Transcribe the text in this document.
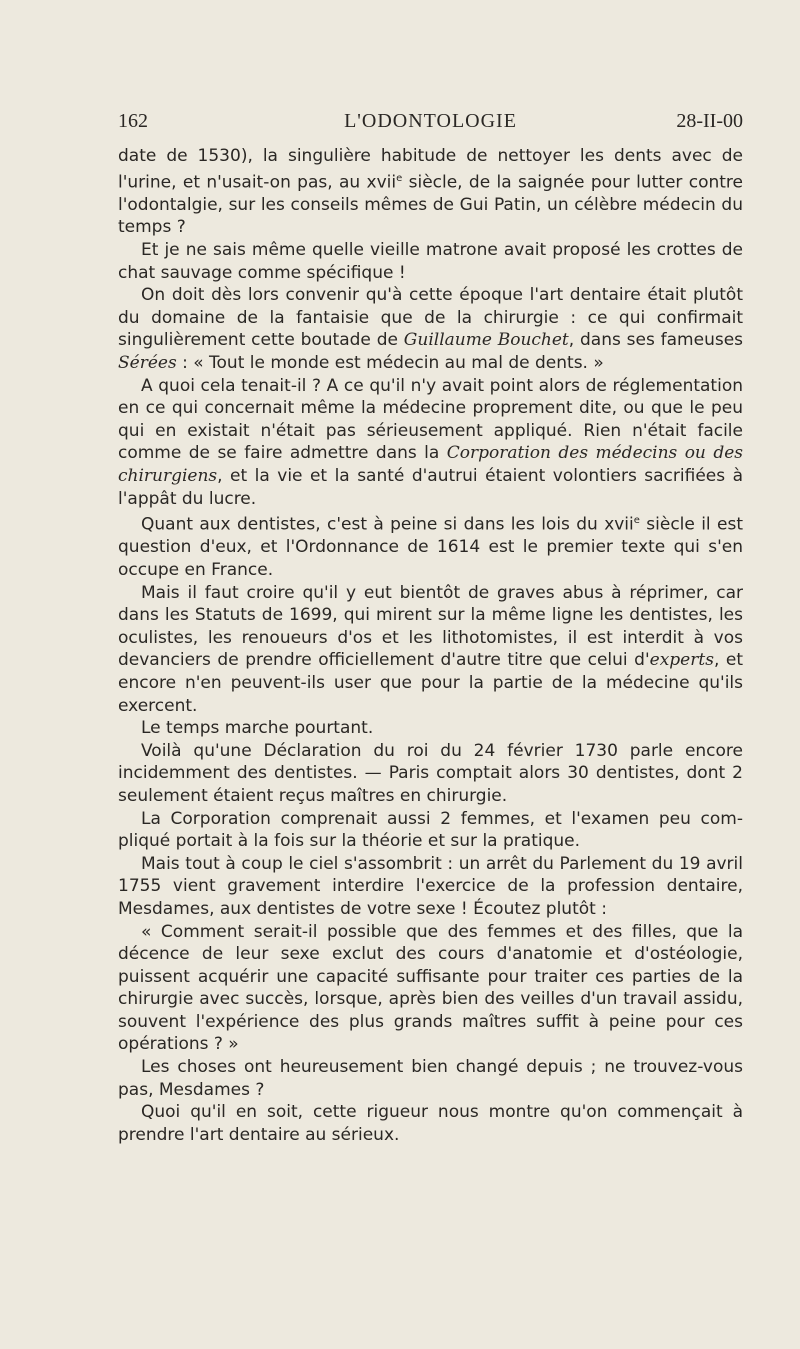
162	L'ODONTOLOGIE	28-II-00

date de 1530), la singulière habitude de nettoyer les dents avec de l'urine, et n'usait-on pas, au xvii$^e$ siècle, de la saignée pour lutter contre l'odontalgie, sur les conseils mêmes de Gui Patin, un célèbre médecin du temps ?

Et je ne sais même quelle vieille matrone avait proposé les crottes de chat sauvage comme spécifique !

On doit dès lors convenir qu'à cette époque l'art dentaire était plutôt du domaine de la fantaisie que de la chirurgie : ce qui confirmait singulièrement cette boutade de Guillaume Bouchet, dans ses fameuses Sérées : « Tout le monde est médecin au mal de dents. »

A quoi cela tenait-il ? A ce qu'il n'y avait point alors de réglementation en ce qui concernait même la médecine proprement dite, ou que le peu qui en existait n'était pas sérieusement appliqué. Rien n'était facile comme de se faire admettre dans la Corporation des médecins ou des chirurgiens, et la vie et la santé d'autrui étaient volontiers sacrifiées à l'appât du lucre.

Quant aux dentistes, c'est à peine si dans les lois du xvii$^e$ siècle il est question d'eux, et l'Ordonnance de 1614 est le premier texte qui s'en occupe en France.

Mais il faut croire qu'il y eut bientôt de graves abus à réprimer, car dans les Statuts de 1699, qui mirent sur la même ligne les dentistes, les oculistes, les renoueurs d'os et les lithotomistes, il est interdit à vos devanciers de prendre officiellement d'autre titre que celui d'experts, et encore n'en peuvent-ils user que pour la partie de la médecine qu'ils exercent.

Le temps marche pourtant.

Voilà qu'une Déclaration du roi du 24 février 1730 parle encore incidemment des dentistes. — Paris comptait alors 30 dentistes, dont 2 seulement étaient reçus maîtres en chirurgie.

La Corporation comprenait aussi 2 femmes, et l'examen peu compliqué portait à la fois sur la théorie et sur la pratique.

Mais tout à coup le ciel s'assombrit : un arrêt du Parlement du 19 avril 1755 vient gravement interdire l'exercice de la profession dentaire, Mesdames, aux dentistes de votre sexe ! Écoutez plutôt :

« Comment serait-il possible que des femmes et des filles, que la décence de leur sexe exclut des cours d'anatomie et d'ostéologie, puissent acquérir une capacité suffisante pour traiter ces parties de la chirurgie avec succès, lorsque, après bien des veilles d'un travail assidu, souvent l'expérience des plus grands maîtres suffit à peine pour ces opérations ? »

Les choses ont heureusement bien changé depuis ; ne trouvez-vous pas, Mesdames ?

Quoi qu'il en soit, cette rigueur nous montre qu'on commençait à prendre l'art dentaire au sérieux.
